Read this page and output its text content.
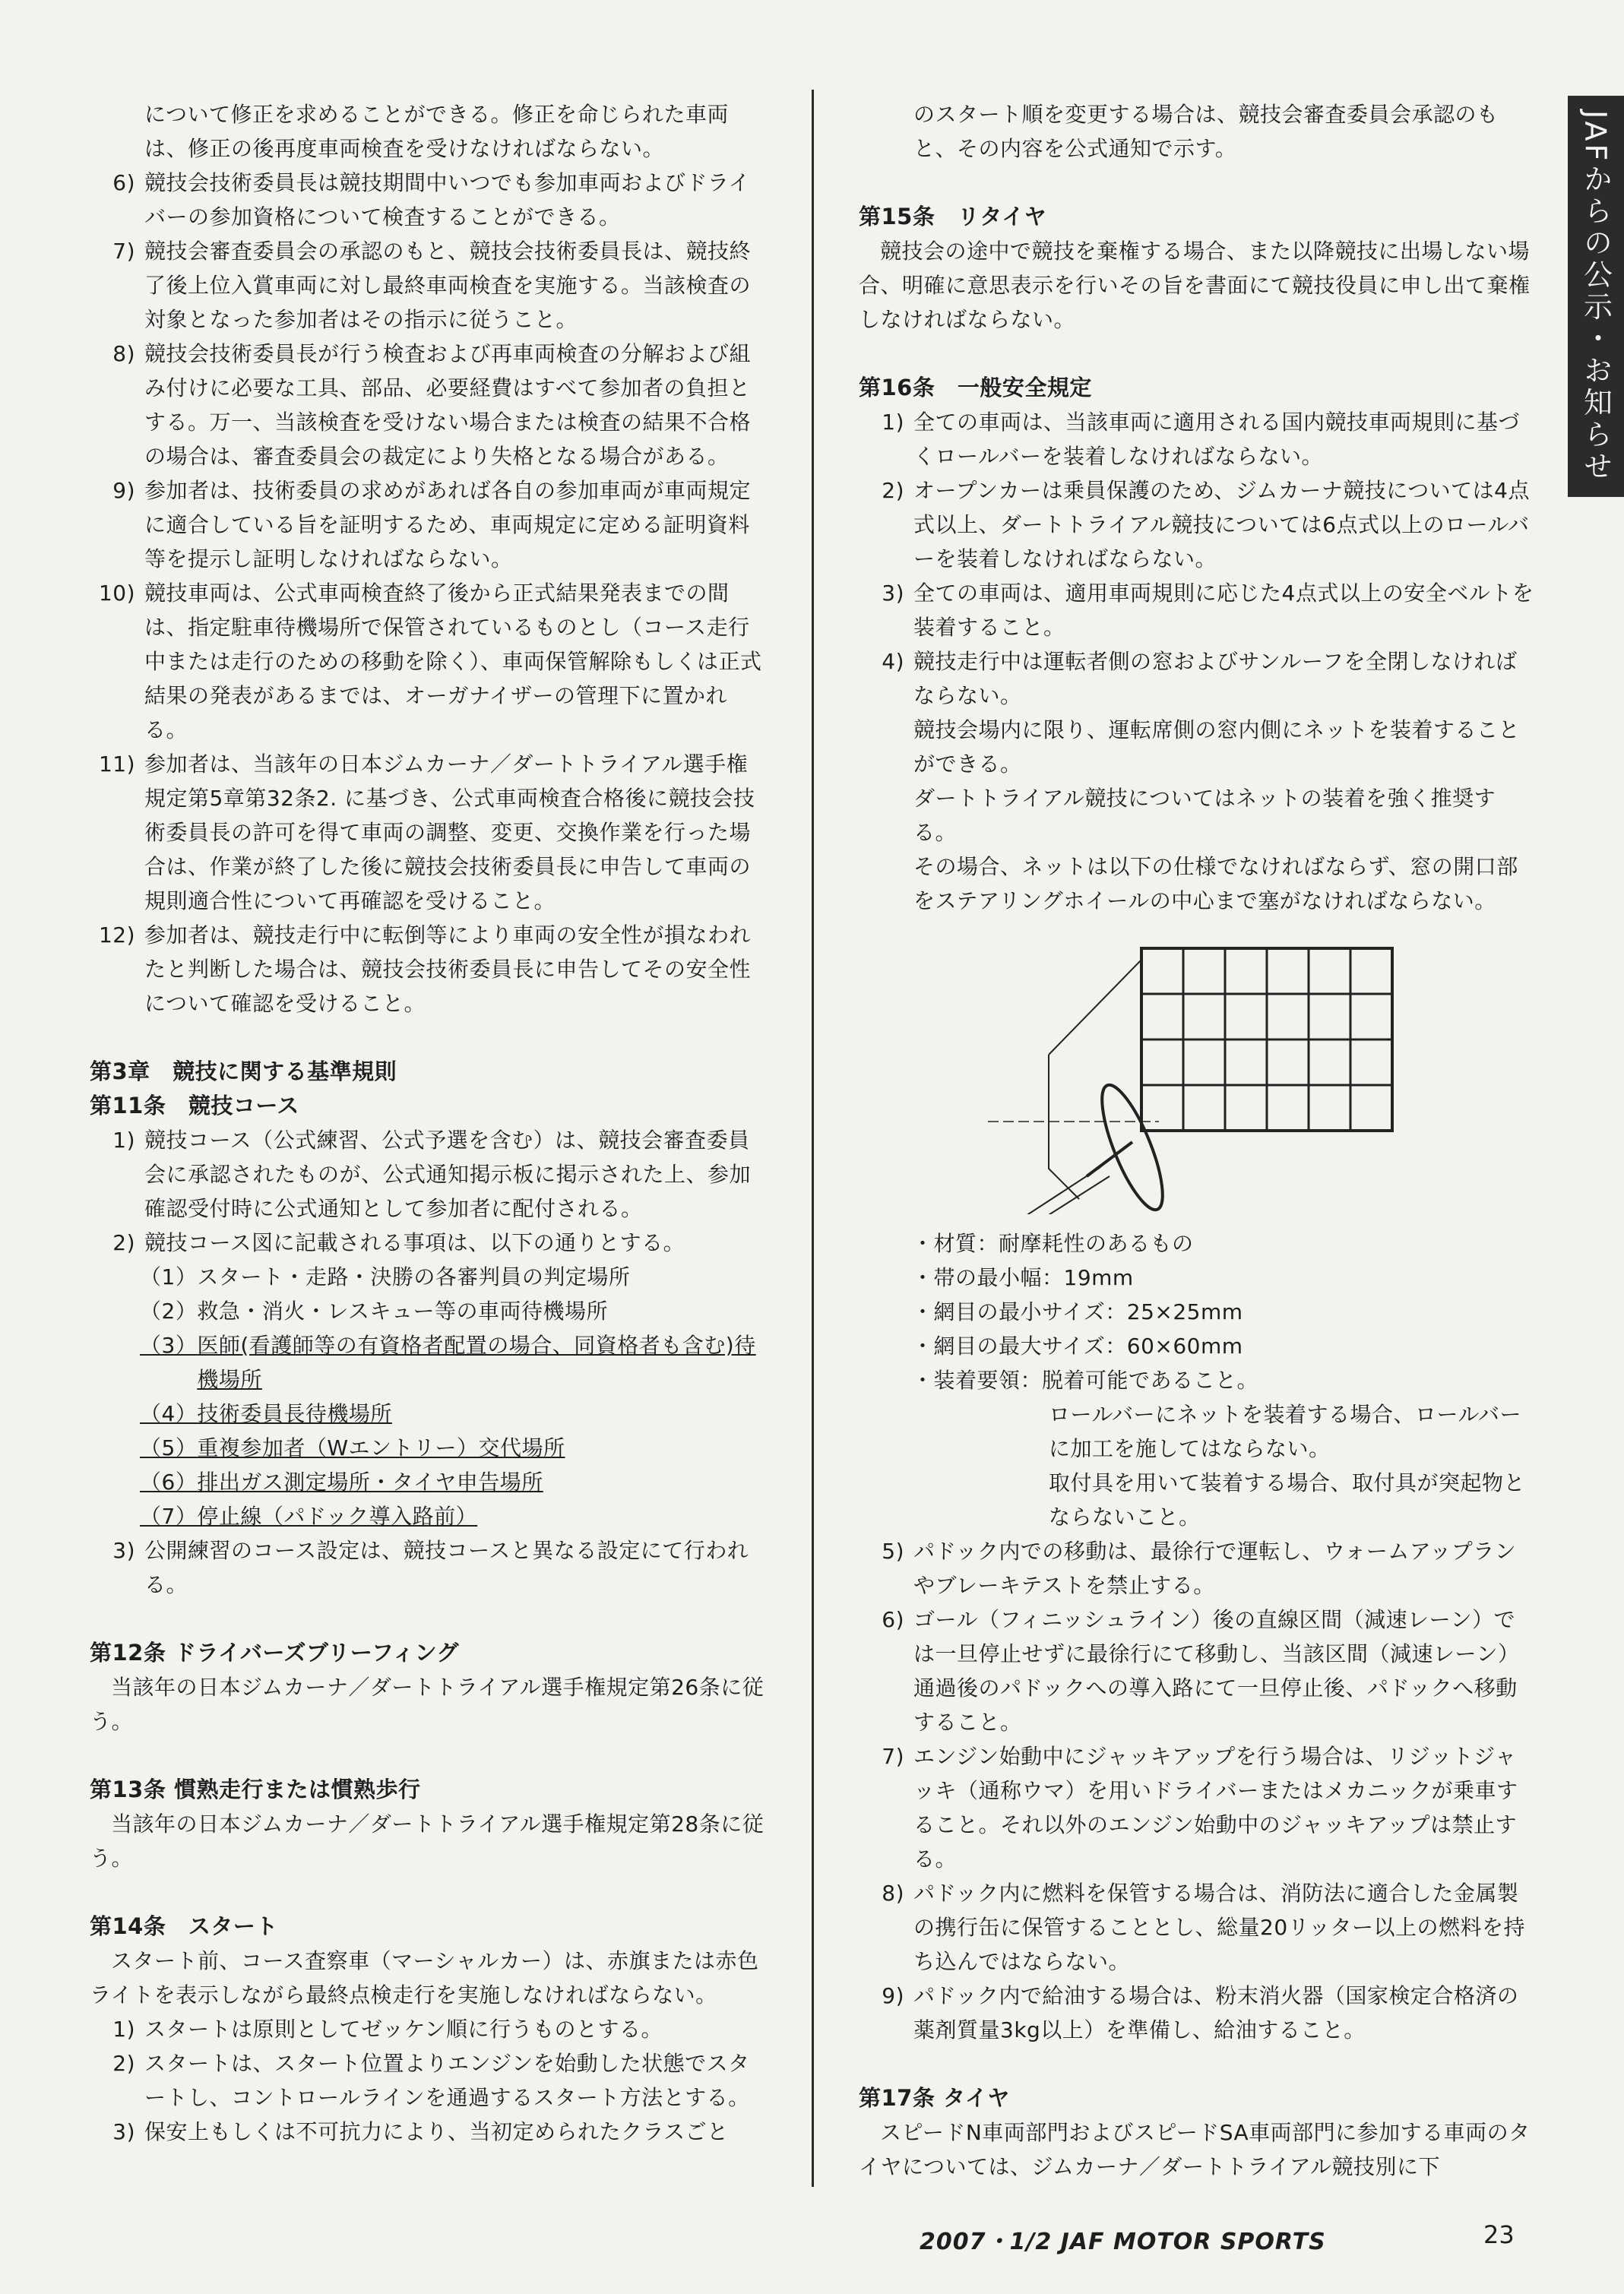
JAFからの公示・お知らせ

について修正を求めることができる。修正を命じられた車両は、修正の後再度車両検査を受けなければならない。

6) 競技会技術委員長は競技期間中いつでも参加車両およびドライバーの参加資格について検査することができる。

7) 競技会審査委員会の承認のもと、競技会技術委員長は、競技終了後上位入賞車両に対し最終車両検査を実施する。当該検査の対象となった参加者はその指示に従うこと。

8) 競技会技術委員長が行う検査および再車両検査の分解および組み付けに必要な工具、部品、必要経費はすべて参加者の負担とする。万一、当該検査を受けない場合または検査の結果不合格の場合は、審査委員会の裁定により失格となる場合がある。

9) 参加者は、技術委員の求めがあれば各自の参加車両が車両規定に適合している旨を証明するため、車両規定に定める証明資料等を提示し証明しなければならない。

10) 競技車両は、公式車両検査終了後から正式結果発表までの間は、指定駐車待機場所で保管されているものとし（コース走行中または走行のための移動を除く）、車両保管解除もしくは正式結果の発表があるまでは、オーガナイザーの管理下に置かれる。

11) 参加者は、当該年の日本ジムカーナ／ダートトライアル選手権規定第5章第32条2. に基づき、公式車両検査合格後に競技会技術委員長の許可を得て車両の調整、変更、交換作業を行った場合は、作業が終了した後に競技会技術委員長に申告して車両の規則適合性について再確認を受けること。

12) 参加者は、競技走行中に転倒等により車両の安全性が損なわれたと判断した場合は、競技会技術委員長に申告してその安全性について確認を受けること。

第3章　競技に関する基準規則
第11条　競技コース

1) 競技コース（公式練習、公式予選を含む）は、競技会審査委員会に承認されたものが、公式通知掲示板に掲示された上、参加確認受付時に公式通知として参加者に配付される。

2) 競技コース図に記載される事項は、以下の通りとする。

（1） スタート・走路・決勝の各審判員の判定場所

（2） 救急・消火・レスキュー等の車両待機場所

（3） 医師(看護師等の有資格者配置の場合、同資格者も含む)待機場所

（4） 技術委員長待機場所

（5） 重複参加者（Wエントリー）交代場所

（6） 排出ガス測定場所・タイヤ申告場所

（7） 停止線（パドック導入路前）

3) 公開練習のコース設定は、競技コースと異なる設定にて行われる。

第12条 ドライバーズブリーフィング

当該年の日本ジムカーナ／ダートトライアル選手権規定第26条に従う。

第13条 慣熟走行または慣熟歩行

当該年の日本ジムカーナ／ダートトライアル選手権規定第28条に従う。

第14条　スタート

スタート前、コース査察車（マーシャルカー）は、赤旗または赤色ライトを表示しながら最終点検走行を実施しなければならない。

1) スタートは原則としてゼッケン順に行うものとする。

2) スタートは、スタート位置よりエンジンを始動した状態でスタートし、コントロールラインを通過するスタート方法とする。

3) 保安上もしくは不可抗力により、当初定められたクラスごと

のスタート順を変更する場合は、競技会審査委員会承認のもと、その内容を公式通知で示す。

第15条　リタイヤ

競技会の途中で競技を棄権する場合、また以降競技に出場しない場合、明確に意思表示を行いその旨を書面にて競技役員に申し出て棄権しなければならない。

第16条　一般安全規定

1) 全ての車両は、当該車両に適用される国内競技車両規則に基づくロールバーを装着しなければならない。

2) オープンカーは乗員保護のため、ジムカーナ競技については4点式以上、ダートトライアル競技については6点式以上のロールバーを装着しなければならない。

3) 全ての車両は、適用車両規則に応じた4点式以上の安全ベルトを装着すること。

4) 競技走行中は運転者側の窓およびサンルーフを全閉しなければならない。

競技会場内に限り、運転席側の窓内側にネットを装着することができる。

ダートトライアル競技についてはネットの装着を強く推奨する。

その場合、ネットは以下の仕様でなければならず、窓の開口部をステアリングホイールの中心まで塞がなければならない。

・材質：耐摩耗性のあるもの

・帯の最小幅：19mm

・網目の最小サイズ：25×25mm

・網目の最大サイズ：60×60mm

・装着要領：脱着可能であること。

ロールバーにネットを装着する場合、ロールバーに加工を施してはならない。

取付具を用いて装着する場合、取付具が突起物とならないこと。

5) パドック内での移動は、最徐行で運転し、ウォームアップランやブレーキテストを禁止する。

6) ゴール（フィニッシュライン）後の直線区間（減速レーン）では一旦停止せずに最徐行にて移動し、当該区間（減速レーン）通過後のパドックへの導入路にて一旦停止後、パドックへ移動すること。

7) エンジン始動中にジャッキアップを行う場合は、リジットジャッキ（通称ウマ）を用いドライバーまたはメカニックが乗車すること。それ以外のエンジン始動中のジャッキアップは禁止する。

8) パドック内に燃料を保管する場合は、消防法に適合した金属製の携行缶に保管することとし、総量20リッター以上の燃料を持ち込んではならない。

9) パドック内で給油する場合は、粉末消火器（国家検定合格済の薬剤質量3kg以上）を準備し、給油すること。

第17条 タイヤ

スピードN車両部門およびスピードSA車両部門に参加する車両のタイヤについては、ジムカーナ／ダートトライアル競技別に下

2007・1/2 JAF MOTOR SPORTS	23
